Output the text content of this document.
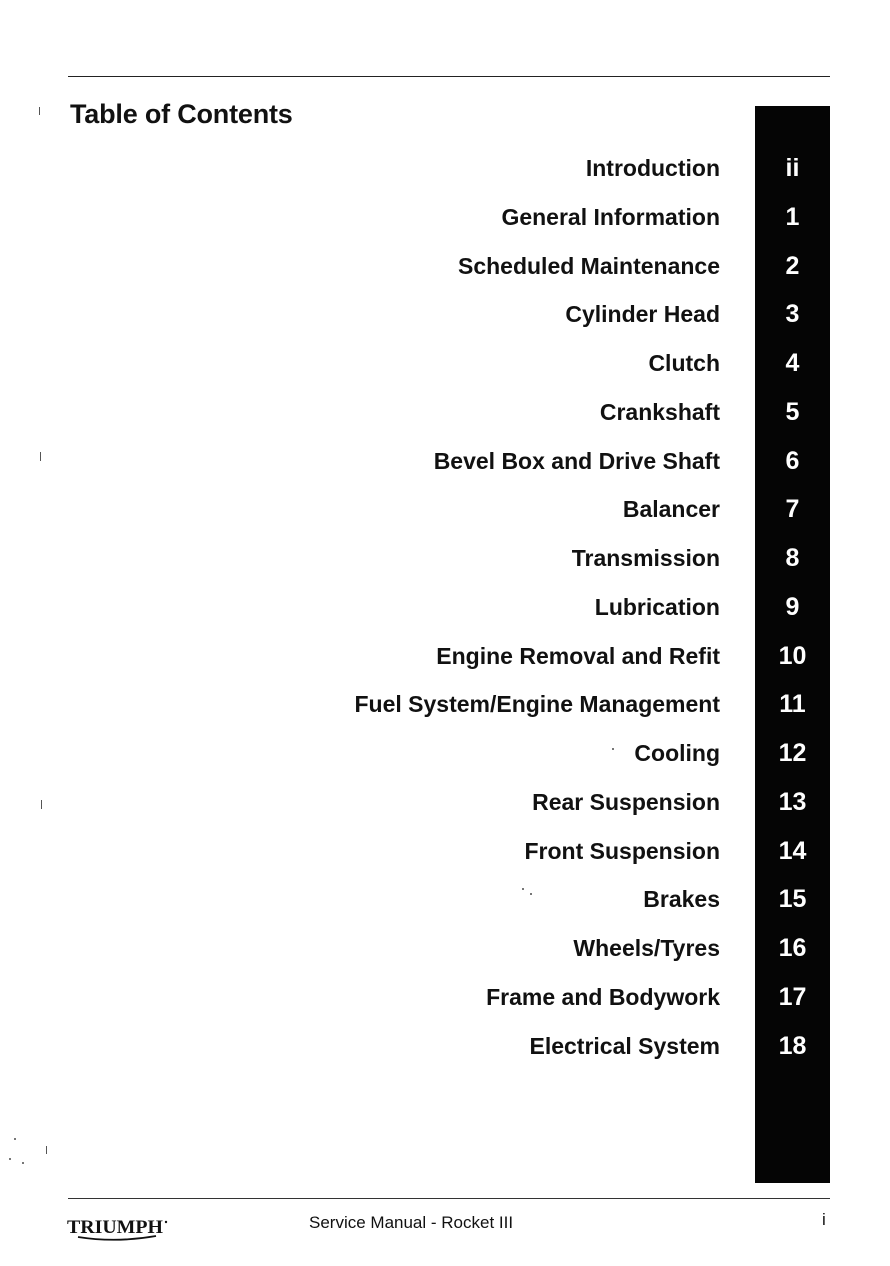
Table of Contents
Introduction	ii
General Information	1
Scheduled Maintenance	2
Cylinder Head	3
Clutch	4
Crankshaft	5
Bevel Box and Drive Shaft	6
Balancer	7
Transmission	8
Lubrication	9
Engine Removal and Refit	10
Fuel System/Engine Management	11
Cooling	12
Rear Suspension	13
Front Suspension	14
Brakes	15
Wheels/Tyres	16
Frame and Bodywork	17
Electrical System	18
TRIUMPH	Service Manual - Rocket III	i
